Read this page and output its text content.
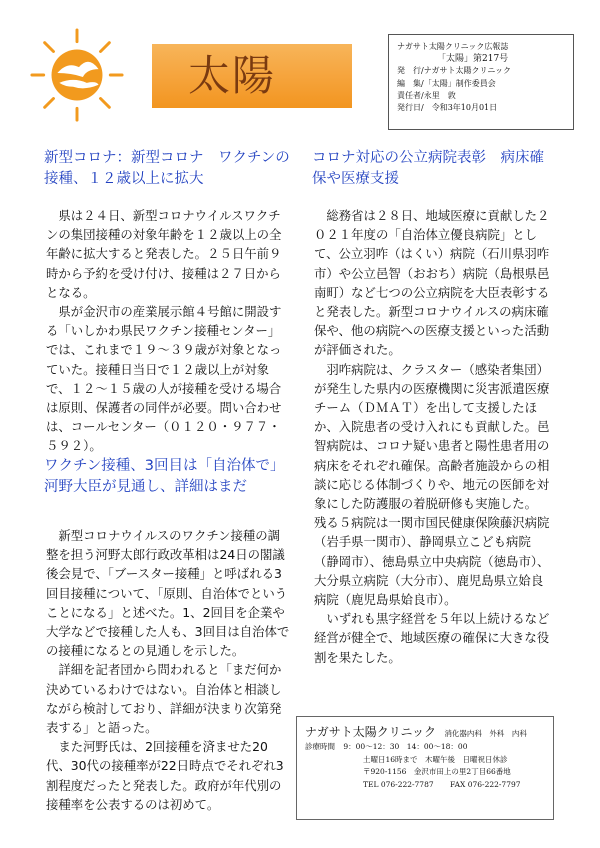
太陽
ナガサト太陽クリニック広報誌
「太陽」第217号
発　行/ナガサト太陽クリニック
編　集/「太陽」制作委員会
責任者/永里　敦
発行日/　令和3年10月01日
新型コロナ：新型コロナ　ワクチンの接種、１２歳以上に拡大

県は２４日、新型コロナウイルスワクチンの集団接種の対象年齢を１２歳以上の全年齢に拡大すると発表した。２５日午前９時から予約を受け付け、接種は２７日からとなる。

県が金沢市の産業展示館４号館に開設する「いしかわ県民ワクチン接種センター」では、これまで１９～３９歳が対象となっていた。接種日当日で１２歳以上が対象で、１２～１５歳の人が接種を受ける場合は原則、保護者の同伴が必要。問い合わせは、コールセンター（０１２０・９７７・５９２）。

ワクチン接種、3回目は「自治体で」　河野大臣が見通し、詳細はまだ

新型コロナウイルスのワクチン接種の調整を担う河野太郎行政改革相は24日の閣議後会見で、「ブースター接種」と呼ばれる3回目接種について、「原則、自治体でということになる」と述べた。1、2回目を企業や大学などで接種した人も、3回目は自治体での接種になるとの見通しを示した。

詳細を記者団から問われると「まだ何か決めているわけではない。自治体と相談しながら検討しており、詳細が決まり次第発表する」と語った。

また河野氏は、2回接種を済ませた20代、30代の接種率が22日時点でそれぞれ3割程度だったと発表した。政府が年代別の接種率を公表するのは初めて。

コロナ対応の公立病院表彰　病床確保や医療支援

総務省は２８日、地域医療に貢献した２０２１年度の「自治体立優良病院」として、公立羽咋（はくい）病院（石川県羽咋市）や公立邑智（おおち）病院（島根県邑南町）など七つの公立病院を大臣表彰すると発表した。新型コロナウイルスの病床確保や、他の病院への医療支援といった活動が評価された。

羽咋病院は、クラスター（感染者集団）が発生した県内の医療機関に災害派遣医療チーム（ＤＭＡＴ）を出して支援したほか、入院患者の受け入れにも貢献した。邑智病院は、コロナ疑い患者と陽性患者用の病床をそれぞれ確保。高齢者施設からの相談に応じる体制づくりや、地元の医師を対象にした防護服の着脱研修も実施した。

残る５病院は一関市国民健康保険藤沢病院（岩手県一関市）、静岡県立こども病院（静岡市）、徳島県立中央病院（徳島市）、大分県立病院（大分市）、鹿児島県立姶良病院（鹿児島県姶良市）。

いずれも黒字経営を５年以上続けるなど経営が健全で、地域医療の確保に大きな役割を果たした。

ナガサト太陽クリニック 消化器内科　外科　内科
診療時間 9：00～12：30　14：00～18：00
土曜日16時まで　木曜午後　日曜祝日休診
〒920-1156　金沢市田上の里2丁目66番地
TEL 076-222-7787 FAX 076-222-7797
